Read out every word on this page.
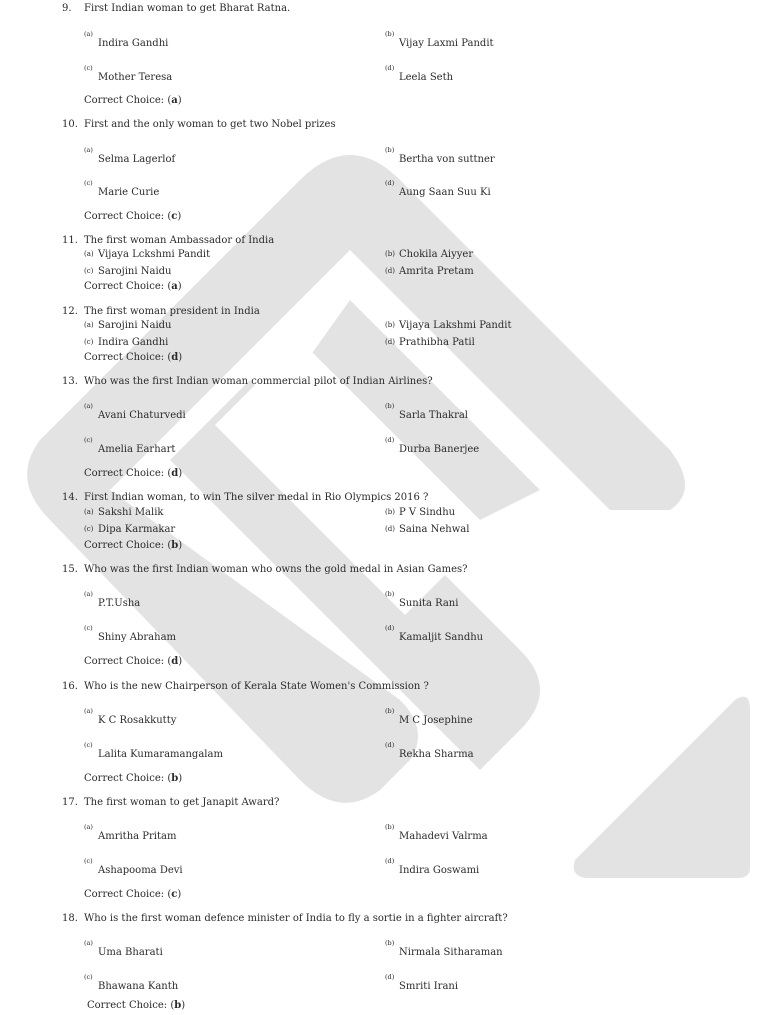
9.	First Indian woman to get Bharat Ratna.
(a)
Indira Gandhi
(b)
Vijay Laxmi Pandit
(c)
Mother Teresa
(d)
Leela Seth
Correct Choice: (a)
10. First and the only woman to get two Nobel prizes
(a)
Selma Lagerlof
(b)
Bertha von suttner
(c)
Marie Curie
(d)
Aung Saan Suu Ki
Correct Choice: (c)
11. The first woman Ambassador of India
(a) Vijaya Lckshmi Pandit	(b) Chokila Aiyyer
(c) Sarojini Naidu	(d) Amrita Pretam
Correct Choice: (a)
12. The first woman president in India
(a) Sarojini Naidu	(b) Vijaya Lakshmi Pandit
(c) Indira Gandhi	(d) Prathibha Patil
Correct Choice: (d)
13. Who was the first Indian woman commercial pilot of Indian Airlines?
(a)
Avani Chaturvedi
(b)
Sarla Thakral
(c)
Amelia Earhart
(d)
Durba Banerjee
Correct Choice: (d)
14. First Indian woman, to win The silver medal in Rio Olympics 2016 ?
(a) Sakshi Malik	(b) P V Sindhu
(c) Dipa Karmakar	(d) Saina Nehwal
Correct Choice: (b)
15. Who was the first Indian woman who owns the gold medal in Asian Games?
(a)
P.T.Usha
(b)
Sunita Rani
(c)
Shiny Abraham
(d)
Kamaljit Sandhu
Correct Choice: (d)
16. Who is the new Chairperson of Kerala State Women's Commission ?
(a)
K C Rosakkutty
(b)
M C Josephine
(c)
Lalita Kumaramangalam
(d)
Rekha Sharma
Correct Choice: (b)
17. The first woman to get Janapit Award?
(a)
Amritha Pritam
(b)
Mahadevi Valrma
(c)
Ashapooma Devi
(d)
Indira Goswami
Correct Choice: (c)
18. Who is the first woman defence minister of India to fly a sortie in a fighter aircraft?
(a)
Uma Bharati
(b)
Nirmala Sitharaman
(c)
Bhawana Kanth
(d)
Smriti Irani
Correct Choice: (b)
